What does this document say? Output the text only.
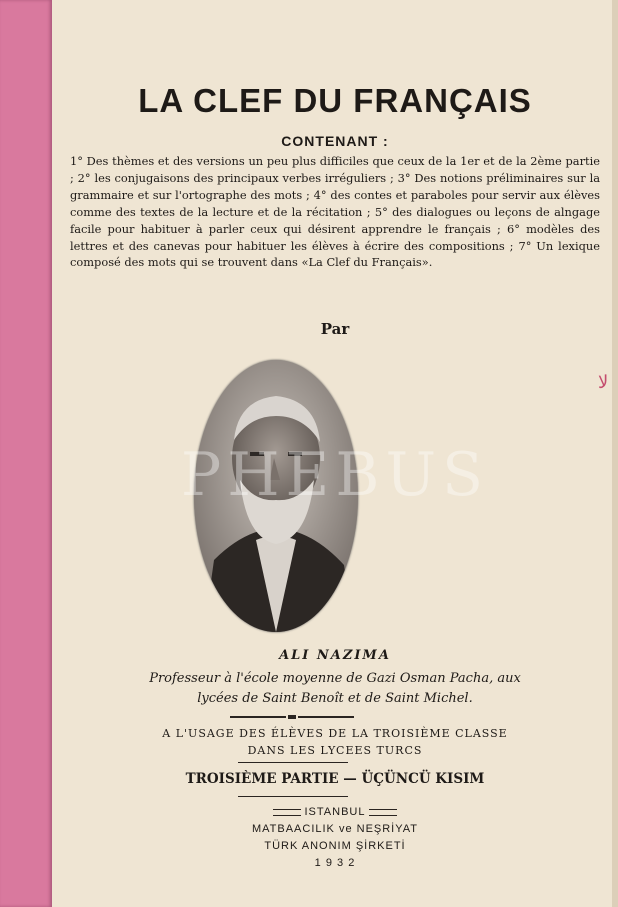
LA CLEF DU FRANÇAIS
CONTENANT :

1° Des thèmes et des versions un peu plus difficiles que ceux de la 1er et de la 2ème partie ; 2° les conjugaisons des principaux verbes irréguliers ; 3° Des notions préliminaires sur la grammaire et sur l'ortographe des mots ; 4° des contes et paraboles pour servir aux élèves comme des textes de la lecture et de la récitation ; 5° des dialogues ou leçons de alngage facile pour habituer à parler ceux qui désirent apprendre le français ; 6° modèles des lettres et des canevas pour habituer les élèves à écrire des compositions ; 7° Un lexique composé des mots qui se trouvent dans «La Clef du Français».

Par
PHEBUS
ALI NAZIMA
Professeur à l'école moyenne de Gazi Osman Pacha, aux
lycées de Saint Benoît et de Saint Michel.
A L'USAGE DES ÉLÈVES DE LA TROISIÈME CLASSE
DANS LES LYCEES TURCS
TROISIÈME PARTIE — ÜÇÜNCÜ KISIM
ISTANBUL
MATBAACILIK ve NEŞRİYAT
TÜRK ANONIM ŞİRKETİ
1 9 3 2
ﻻ
